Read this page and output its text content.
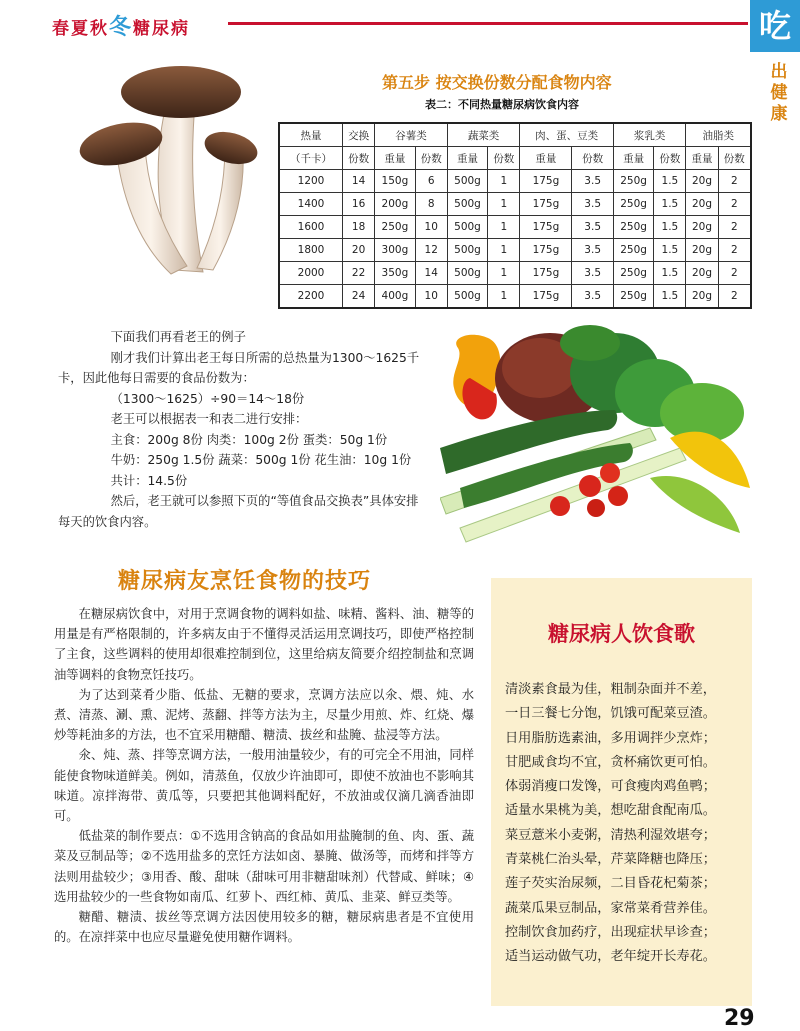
春夏秋冬糖尿病	吃
出健康
第五步 按交换份数分配食物内容
表二：不同热量糖尿病饮食内容
热量	交换	谷薯类		蔬菜类		肉、蛋、豆类		浆乳类		油脂类	
（千卡）	份数	重量	份数	重量	份数	重量	份数	重量	份数	重量	份数
1200	14	150g	6	500g	1	175g	3.5	250g	1.5	20g	2
1400	16	200g	8	500g	1	175g	3.5	250g	1.5	20g	2
1600	18	250g	10	500g	1	175g	3.5	250g	1.5	20g	2
1800	20	300g	12	500g	1	175g	3.5	250g	1.5	20g	2
2000	22	350g	14	500g	1	175g	3.5	250g	1.5	20g	2
2200	24	400g	10	500g	1	175g	3.5	250g	1.5	20g	2
下面我们再看老王的例子
刚才我们计算出老王每日所需的总热量为1300～1625千
卡，因此他每日需要的食品份数为：
（1300～1625）÷90＝14～18份
老王可以根据表一和表二进行安排：
主食：200g 8份 肉类：100g 2份 蛋类：50g 1份
牛奶：250g 1.5份 蔬菜：500g 1份 花生油：10g 1份
共计：14.5份
然后，老王就可以参照下页的“等值食品交换表”具体安排
每天的饮食内容。
糖尿病友烹饪食物的技巧

在糖尿病饮食中，对用于烹调食物的调料如盐、味精、酱料、油、糖等的用量是有严格限制的，许多病友由于不懂得灵活运用烹调技巧，即使严格控制了主食，这些调料的使用却很难控制到位，这里给病友简要介绍控制盐和烹调油等调料的食物烹饪技巧。

为了达到菜肴少脂、低盐、无糖的要求，烹调方法应以氽、煨、炖、水煮、清蒸、涮、熏、泥烤、蒸翻、拌等方法为主，尽量少用煎、炸、红烧、爆炒等耗油多的方法，也不宜采用糖醋、糖渍、拔丝和盐腌、盐浸等方法。

氽、炖、蒸、拌等烹调方法，一般用油量较少，有的可完全不用油，同样能使食物味道鲜美。例如，清蒸鱼，仅放少许油即可，即使不放油也不影响其味道。凉拌海带、黄瓜等，只要把其他调料配好，不放油或仅滴几滴香油即可。

低盐菜的制作要点：①不选用含钠高的食品如用盐腌制的鱼、肉、蛋、蔬菜及豆制品等；②不选用盐多的烹饪方法如卤、暴腌、做汤等，而烤和拌等方法则用盐较少；③用香、酸、甜味（甜味可用非糖甜味剂）代替咸、鲜味；④选用盐较少的一些食物如南瓜、红萝卜、西红柿、黄瓜、韭菜、鲜豆类等。

糖醋、糖渍、拔丝等烹调方法因使用较多的糖，糖尿病患者是不宜使用的。在凉拌菜中也应尽量避免使用糖作调料。

糖尿病人饮食歌
清淡素食最为佳，粗制杂面并不差，
一日三餐七分饱，饥饿可配菜豆渣。
日用脂肪选素油，多用调拌少烹炸；
甘肥咸食均不宜，贪杯痛饮更可怕。
体弱消瘦口发馋，可食瘦肉鸡鱼鸭；
适量水果桃为美，想吃甜食配南瓜。
菜豆薏米小麦粥，清热利湿效堪夸；
青菜桃仁治头晕，芹菜降糖也降压；
莲子芡实治尿频，二目昏花杞菊茶；
蔬菜瓜果豆制品，家常菜肴营养佳。
控制饮食加药疗，出现症状早诊查；
适当运动做气功，老年绽开长寿花。
29
